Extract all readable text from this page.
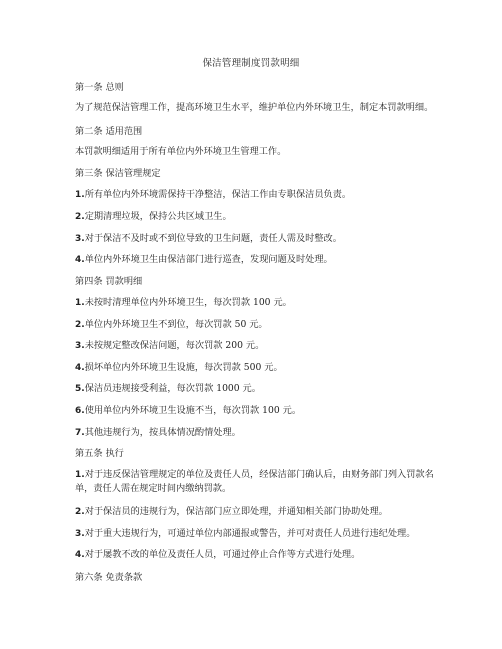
保洁管理制度罚款明细
第一条 总则
为了规范保洁管理工作，提高环境卫生水平，维护单位内外环境卫生，制定本罚款明细。
第二条 适用范围
本罚款明细适用于所有单位内外环境卫生管理工作。
第三条 保洁管理规定
1.所有单位内外环境需保持干净整洁，保洁工作由专职保洁员负责。
2.定期清理垃圾，保持公共区域卫生。
3.对于保洁不及时或不到位导致的卫生问题，责任人需及时整改。
4.单位内外环境卫生由保洁部门进行巡查，发现问题及时处理。
第四条 罚款明细
1.未按时清理单位内外环境卫生，每次罚款 100 元。
2.单位内外环境卫生不到位，每次罚款 50 元。
3.未按规定整改保洁问题，每次罚款 200 元。
4.损坏单位内外环境卫生设施，每次罚款 500 元。
5.保洁员违规接受利益，每次罚款 1000 元。
6.使用单位内外环境卫生设施不当，每次罚款 100 元。
7.其他违规行为，按具体情况酌情处理。
第五条 执行
1.对于违反保洁管理规定的单位及责任人员，经保洁部门确认后，由财务部门列入罚款名单，责任人需在规定时间内缴纳罚款。
2.对于保洁员的违规行为，保洁部门应立即处理，并通知相关部门协助处理。
3.对于重大违规行为，可通过单位内部通报或警告，并可对责任人员进行违纪处理。
4.对于屡教不改的单位及责任人员，可通过停止合作等方式进行处理。
第六条 免责条款
